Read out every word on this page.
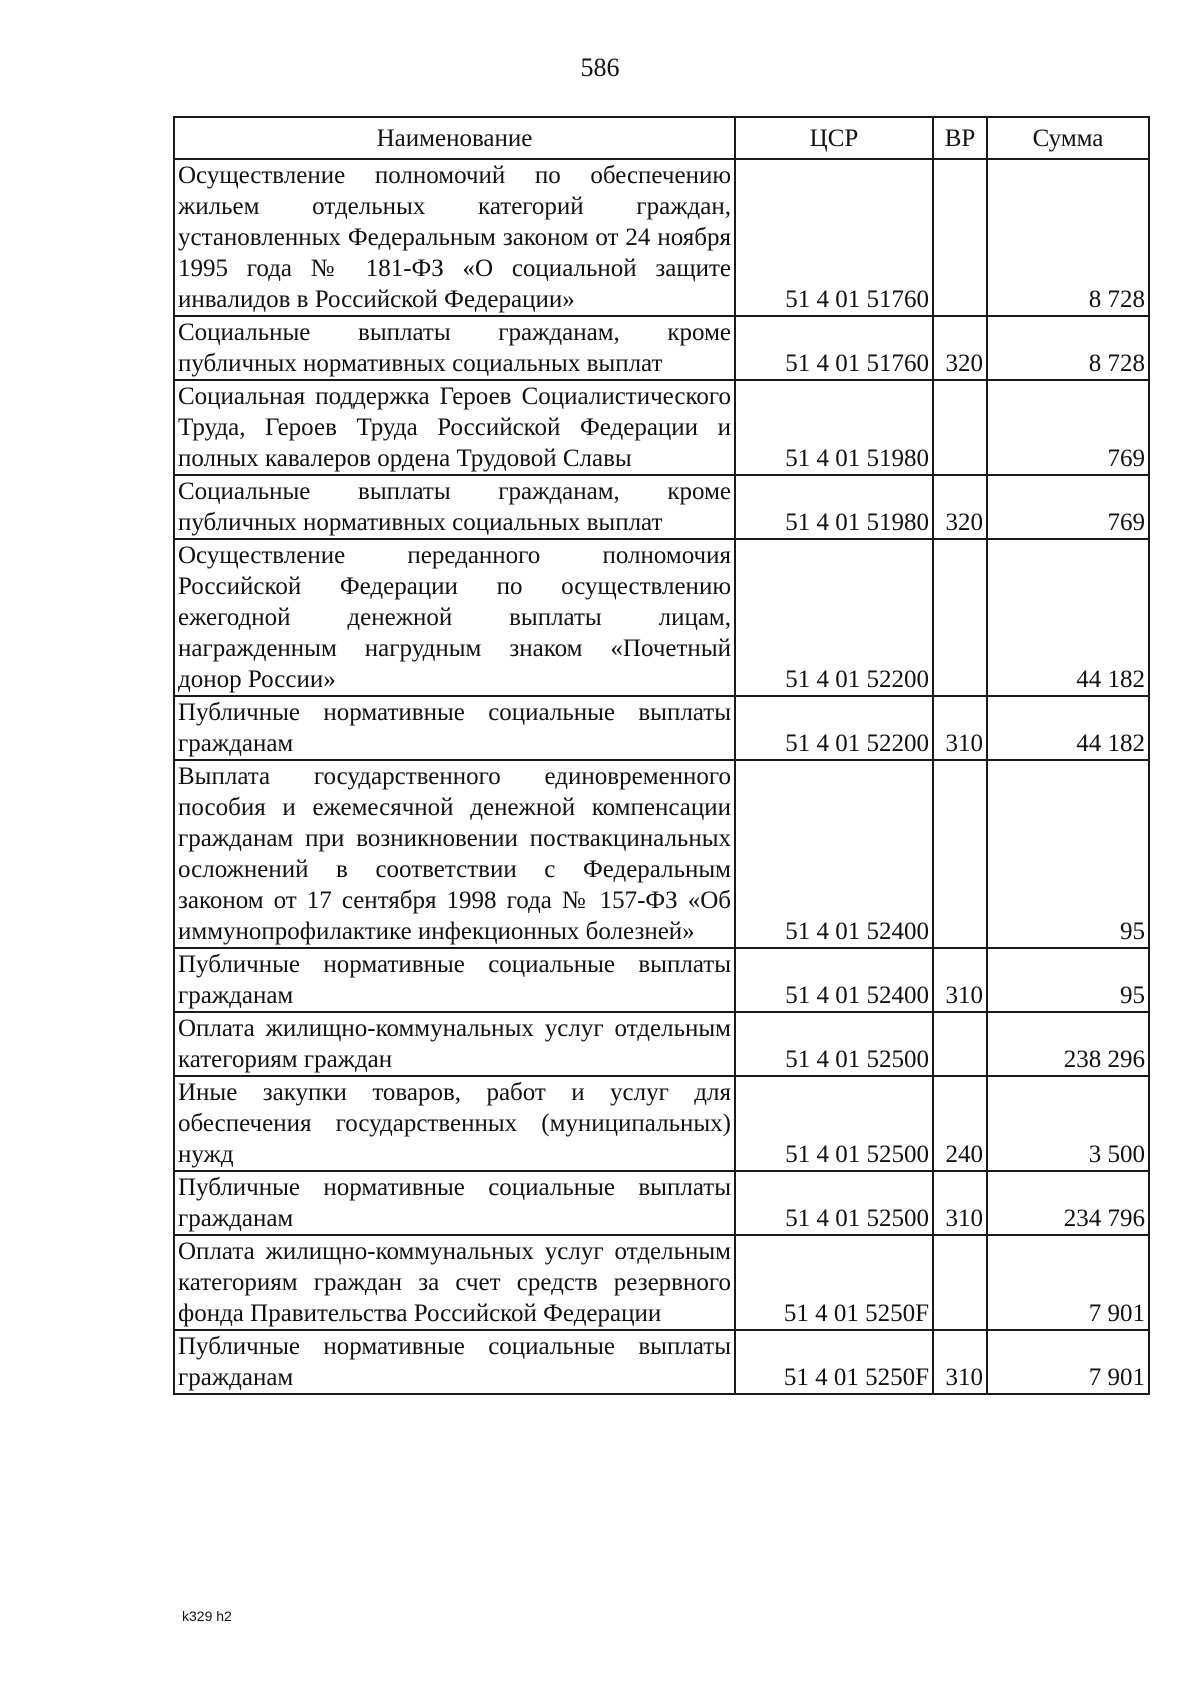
586
Наименование	ЦСР	ВР	Сумма
Осуществление полномочий по обеспечению жильем отдельных категорий граждан, установленных Федеральным законом от 24 ноября 1995 года № 181-ФЗ «О социальной защите инвалидов в Российской Федерации»	51 4 01 51760		8 728
Социальные выплаты гражданам, кроме публичных нормативных социальных выплат	51 4 01 51760	320	8 728
Социальная поддержка Героев Социалистического Труда, Героев Труда Российской Федерации и полных кавалеров ордена Трудовой Славы	51 4 01 51980		769
Социальные выплаты гражданам, кроме публичных нормативных социальных выплат	51 4 01 51980	320	769
Осуществление переданного полномочия Российской Федерации по осуществлению ежегодной денежной выплаты лицам, награжденным нагрудным знаком «Почетный донор России»	51 4 01 52200		44 182
Публичные нормативные социальные выплаты гражданам	51 4 01 52200	310	44 182
Выплата государственного единовременного пособия и ежемесячной денежной компенсации гражданам при возникновении поствакцинальных осложнений в соответствии с Федеральным законом от 17 сентября 1998 года № 157-ФЗ «Об иммунопрофилактике инфекционных болезней»	51 4 01 52400		95
Публичные нормативные социальные выплаты гражданам	51 4 01 52400	310	95
Оплата жилищно-коммунальных услуг отдельным категориям граждан	51 4 01 52500		238 296
Иные закупки товаров, работ и услуг для обеспечения государственных (муниципальных) нужд	51 4 01 52500	240	3 500
Публичные нормативные социальные выплаты гражданам	51 4 01 52500	310	234 796
Оплата жилищно-коммунальных услуг отдельным категориям граждан за счет средств резервного фонда Правительства Российской Федерации	51 4 01 5250F		7 901
Публичные нормативные социальные выплаты гражданам	51 4 01 5250F	310	7 901
k329 h2
